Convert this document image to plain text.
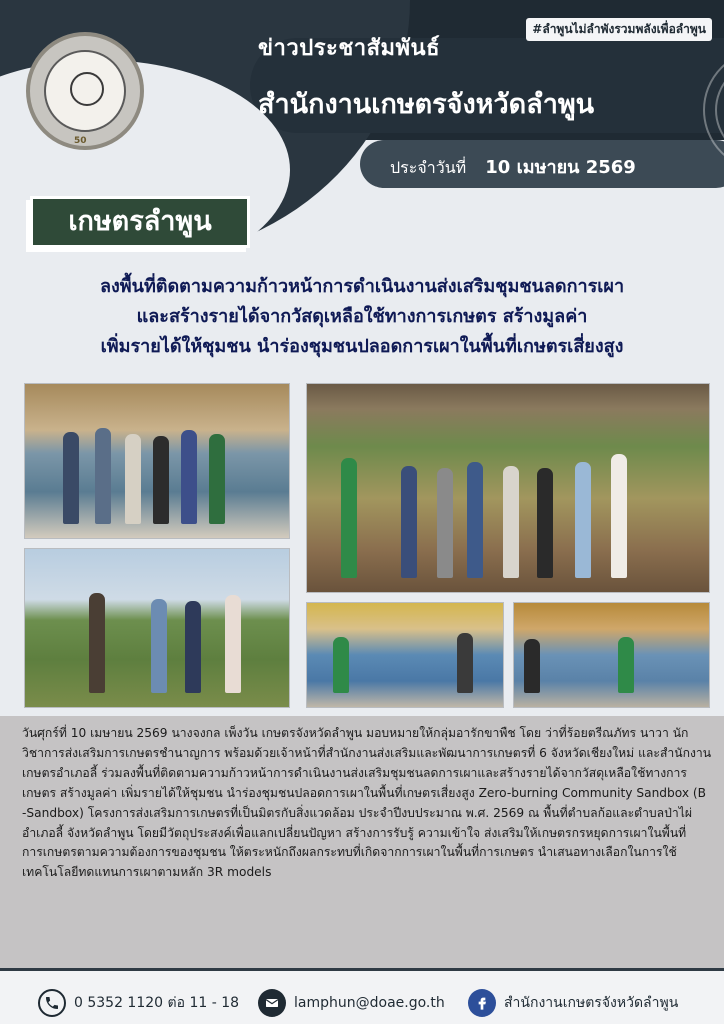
#ลำพูนไม่ลำพังรวมพลังเพื่อลำพูน
ข่าวประชาสัมพันธ์
สำนักงานเกษตรจังหวัดลำพูน
ประจำวันที่ 10 เมษายน 2569
50
เกษตรลำพูน
ลงพื้นที่ติดตามความก้าวหน้าการดำเนินงานส่งเสริมชุมชนลดการเผา
และสร้างรายได้จากวัสดุเหลือใช้ทางการเกษตร สร้างมูลค่า
เพิ่มรายได้ให้ชุมชน นำร่องชุมชนปลอดการเผาในพื้นที่เกษตรเสี่ยงสูง
วันศุกร์ที่ 10 เมษายน 2569 นางจงกล เพ็งวัน เกษตรจังหวัดลำพูน มอบหมายให้กลุ่มอารักขาพืช โดย ว่าที่ร้อยตรีณภัทร นาวา นักวิชาการส่งเสริมการเกษตรชำนาญการ พร้อมด้วยเจ้าหน้าที่สำนักงานส่งเสริมและพัฒนาการเกษตรที่ 6 จังหวัดเชียงใหม่ และสำนักงานเกษตรอำเภอลี้ ร่วมลงพื้นที่ติดตามความก้าวหน้าการดำเนินงานส่งเสริมชุมชนลดการเผาและสร้างรายได้จากวัสดุเหลือใช้ทางการเกษตร สร้างมูลค่า เพิ่มรายได้ให้ชุมชน นำร่องชุมชนปลอดการเผาในพื้นที่เกษตรเสี่ยงสูง Zero-burning Community Sandbox (B -Sandbox) โครงการส่งเสริมการเกษตรที่เป็นมิตรกับสิ่งแวดล้อม ประจำปีงบประมาณ พ.ศ. 2569 ณ พื้นที่ตำบลก้อและตำบลป่าไผ่ อำเภอลี้ จังหวัดลำพูน โดยมีวัตถุประสงค์เพื่อแลกเปลี่ยนปัญหา สร้างการรับรู้ ความเข้าใจ ส่งเสริมให้เกษตรกรหยุดการเผาในพื้นที่การเกษตรตามความต้องการของชุมชน ให้ตระหนักถึงผลกระทบที่เกิดจากการเผาในพื้นที่การเกษตร นำเสนอทางเลือกในการใช้เทคโนโลยีทดแทนการเผาตามหลัก 3R models
0 5352 1120 ต่อ 11 - 18	lamphun@doae.go.th	สำนักงานเกษตรจังหวัดลำพูน
